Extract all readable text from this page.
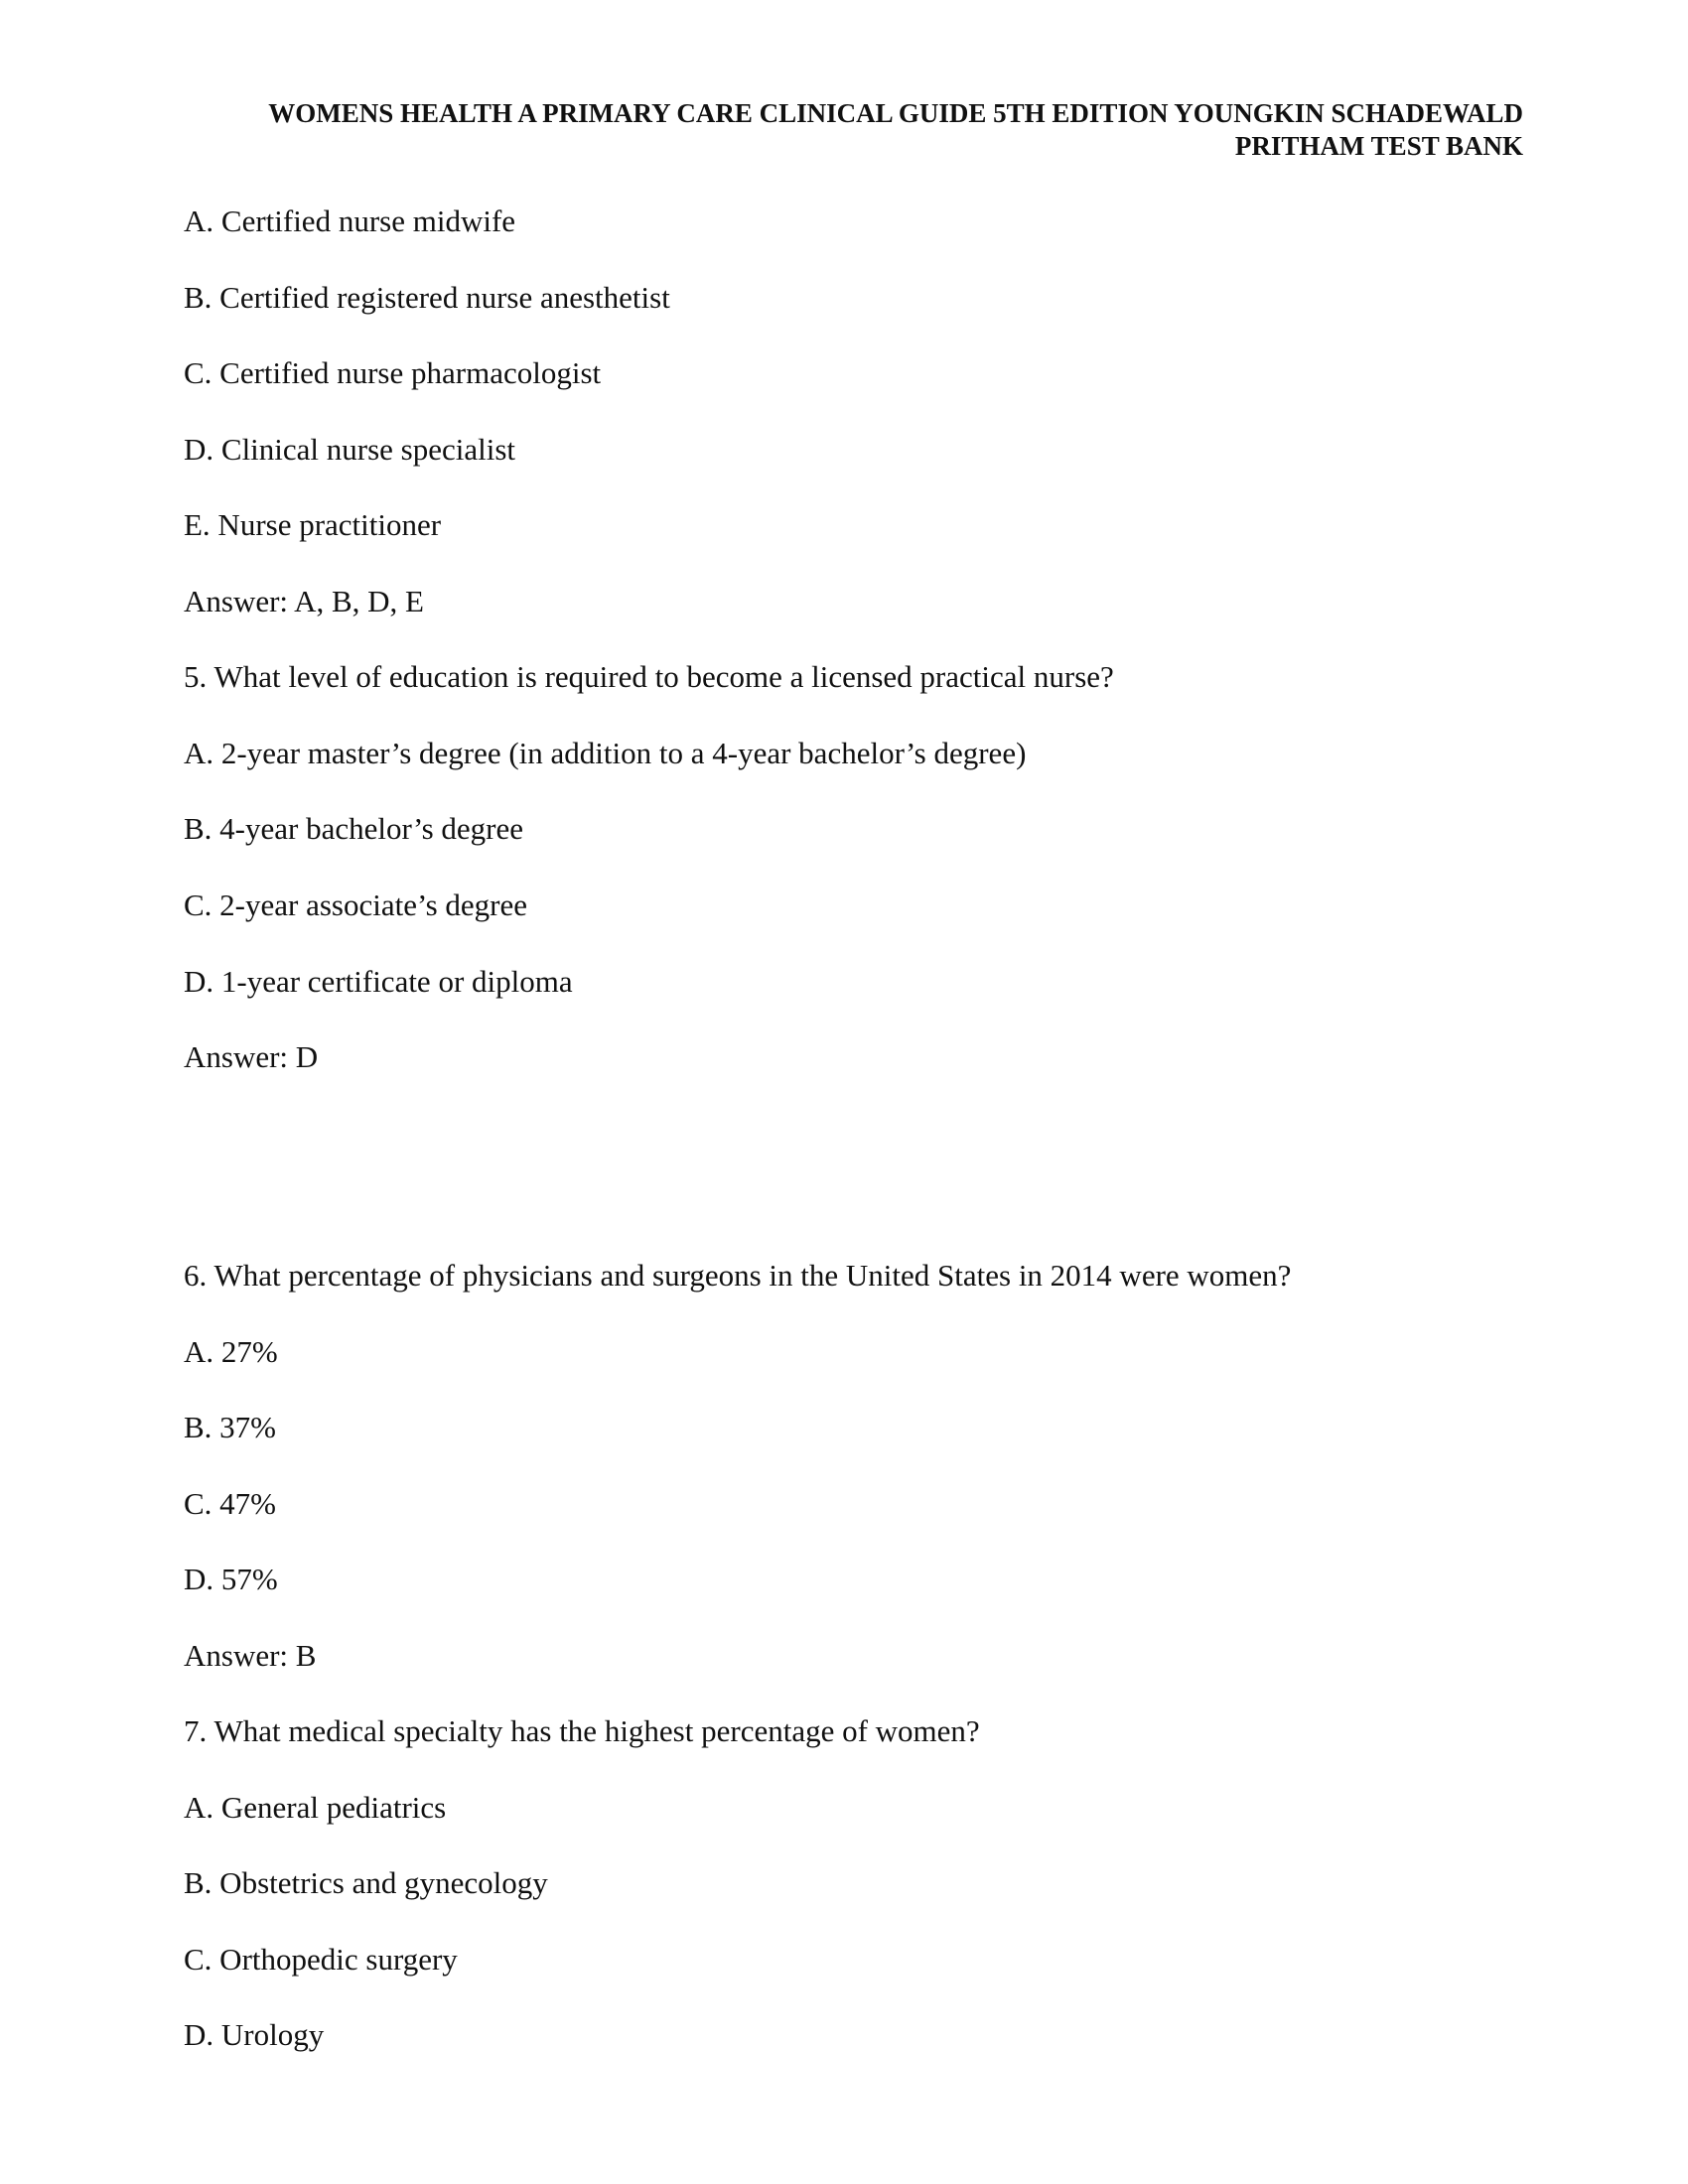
WOMENS HEALTH A PRIMARY CARE CLINICAL GUIDE 5TH EDITION YOUNGKIN SCHADEWALD
PRITHAM TEST BANK
A. Certified nurse midwife
B. Certified registered nurse anesthetist
C. Certified nurse pharmacologist
D. Clinical nurse specialist
E. Nurse practitioner
Answer: A, B, D, E
5. What level of education is required to become a licensed practical nurse?
A. 2-year master’s degree (in addition to a 4-year bachelor’s degree)
B. 4-year bachelor’s degree
C. 2-year associate’s degree
D. 1-year certificate or diploma
Answer: D
6. What percentage of physicians and surgeons in the United States in 2014 were women?
A. 27%
B. 37%
C. 47%
D. 57%
Answer: B
7. What medical specialty has the highest percentage of women?
A. General pediatrics
B. Obstetrics and gynecology
C. Orthopedic surgery
D. Urology
